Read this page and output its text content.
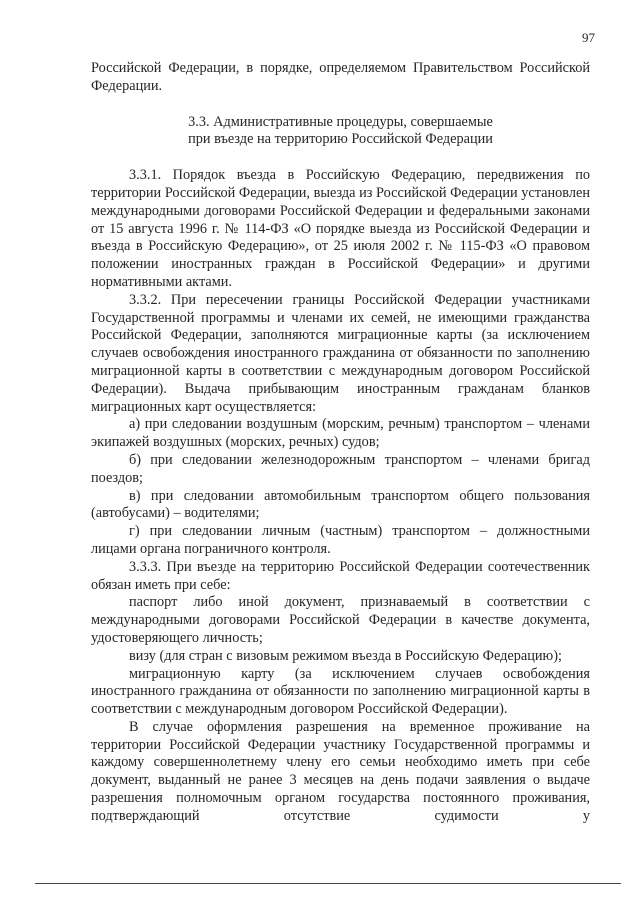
97

Российской Федерации, в порядке, определяемом Правительством Российской Федерации.

3.3. Административные процедуры, совершаемые
при въезде на территорию Российской Федерации

3.3.1. Порядок въезда в Российскую Федерацию, передвижения по территории Российской Федерации, выезда из Российской Федерации установлен международными договорами Российской Федерации и федеральными законами от 15 августа 1996 г. № 114-ФЗ «О порядке выезда из Российской Федерации и въезда в Российскую Федерацию», от 25 июля 2002 г. № 115-ФЗ «О правовом положении иностранных граждан в Российской Федерации» и другими нормативными актами.

3.3.2. При пересечении границы Российской Федерации участниками Государственной программы и членами их семей, не имеющими гражданства Российской Федерации, заполняются миграционные карты (за исключением случаев освобождения иностранного гражданина от обязанности по заполнению миграционной карты в соответствии с международным договором Российской Федерации). Выдача прибывающим иностранным гражданам бланков миграционных карт осуществляется:

а) при следовании воздушным (морским, речным) транспортом – членами экипажей воздушных (морских, речных) судов;

б) при следовании железнодорожным транспортом – членами бригад поездов;

в) при следовании автомобильным транспортом общего пользования (автобусами) – водителями;

г) при следовании личным (частным) транспортом – должностными лицами органа пограничного контроля.

3.3.3. При въезде на территорию Российской Федерации соотечественник обязан иметь при себе:

паспорт либо иной документ, признаваемый в соответствии с международными договорами Российской Федерации в качестве документа, удостоверяющего личность;

визу (для стран с визовым режимом въезда в Российскую Федерацию);

миграционную карту (за исключением случаев освобождения иностранного гражданина от обязанности по заполнению миграционной карты в соответствии с международным договором Российской Федерации).

В случае оформления разрешения на временное проживание на территории Российской Федерации участнику Государственной программы и каждому совершеннолетнему члену его семьи необходимо иметь при себе документ, выданный не ранее 3 месяцев на день подачи заявления о выдаче разрешения полномочным органом государства постоянного проживания, подтверждающий отсутствие судимости у
